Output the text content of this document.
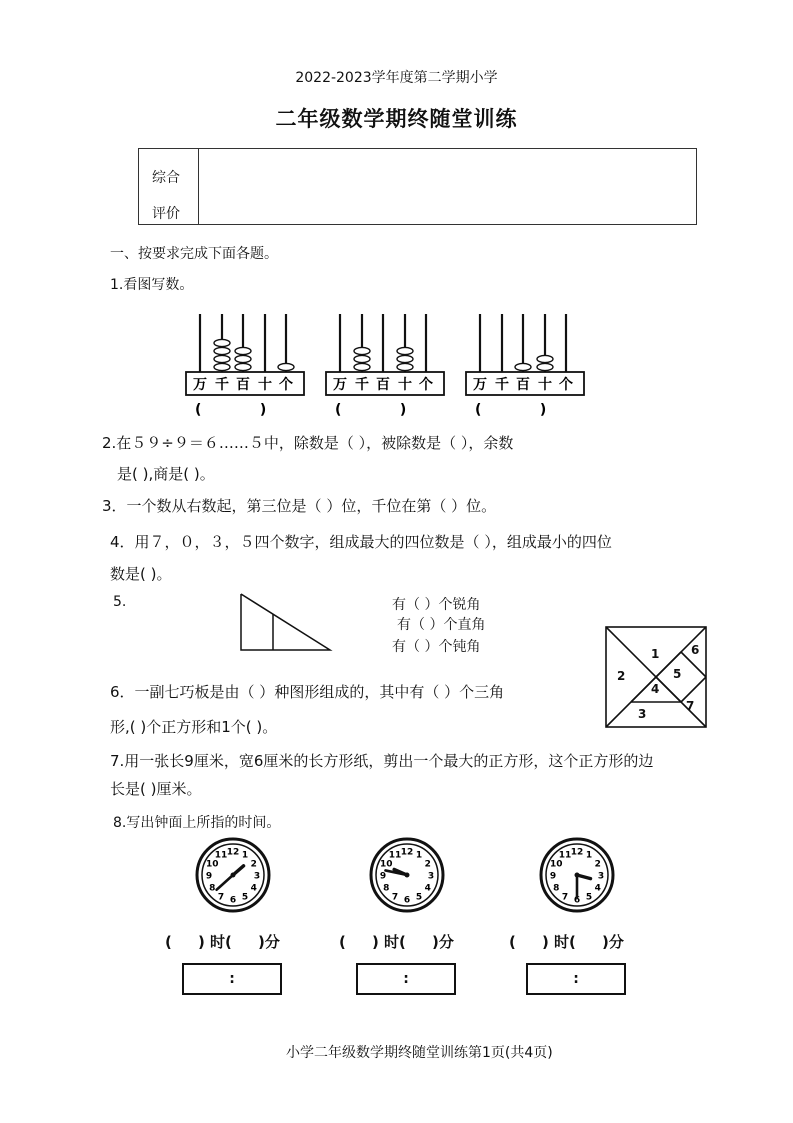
2022-2023学年度第二学期小学
二年级数学期终随堂训练
综合
评价
一、按要求完成下面各题。
1.看图写数。
万 千 百 十 个
(            )
万 千 百 十 个
(            )
万 千 百 十 个
(            )
2.在５９÷９＝６……５中，除数是（ ），被除数是（ ），余数
是( ),商是( )。
3．一个数从右数起，第三位是（ ）位，千位在第（ ）位。
4．用７，０，３，５四个数字，组成最大的四位数是（ ），组成最小的四位
数是( )。
5.	有（ ）个锐角
有（ ）个直角
有（ ）个钝角	1
2
3
4
5
6
7
6．一副七巧板是由（ ）种图形组成的，其中有（ ）个三角
形,( )个正方形和1个( )。
7.用一张长9厘米，宽6厘米的长方形纸，剪出一个最大的正方形，这个正方形的边
长是( )厘米。
8.写出钟面上所指的时间。
12 1
2
3
4
5
6
7
8
9
10
11	12 1
2
3
4
5
6
7
8
9
10
11	12 1
2
3
4
5
6
7
8
9
10
11
小学二年级数学期终随堂训练第1页(共4页)
(     ) 时(     )分
:
(     ) 时(     )分
:
(     ) 时(     )分
:
